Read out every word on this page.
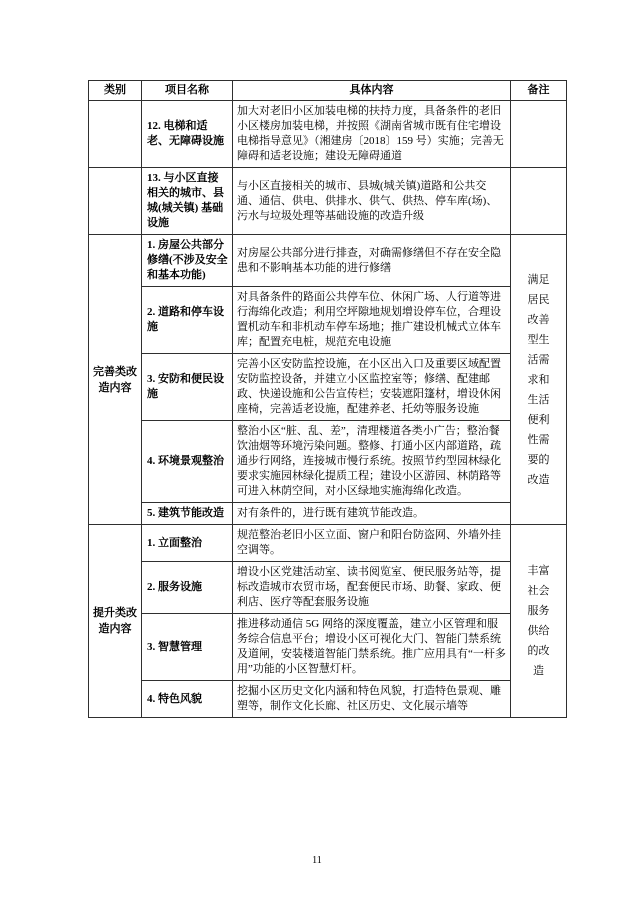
类别	项目名称	具体内容	备注
	12. 电梯和适老、无障碍设施	加大对老旧小区加装电梯的扶持力度，具备条件的老旧小区楼房加装电梯，并按照《湖南省城市既有住宅增设电梯指导意见》（湘建房〔2018〕159 号）实施；完善无障碍和适老设施；建设无障碍通道	
	13. 与小区直接相关的城市、县城(城关镇) 基础设施	与小区直接相关的城市、县城(城关镇)道路和公共交通、通信、供电、供排水、供气、供热、停车库(场)、污水与垃圾处理等基础设施的改造升级	

完善类改造内容	1. 房屋公共部分修缮(不涉及安全和基本功能)	对房屋公共部分进行排查，对确需修缮但不存在安全隐患和不影响基本功能的进行修缮	满足居民改善型生活需求和生活便利性需要的改造

	2. 道路和停车设施	对具备条件的路面公共停车位、休闲广场、人行道等进行海绵化改造；利用空坪隙地规划增设停车位，合理设置机动车和非机动车停车场地；推广建设机械式立体车库；配置充电桩，规范充电设施	
	3. 安防和便民设施	完善小区安防监控设施，在小区出入口及重要区域配置安防监控设备，并建立小区监控室等；修缮、配建邮政、快递设施和公告宣传栏；安装遮阳篷材，增设休闲座椅，完善适老设施，配建养老、托幼等服务设施	
	4. 环境景观整治	整治小区“脏、乱、差”，清理楼道各类小广告；整治餐饮油烟等环境污染问题。整修、打通小区内部道路，疏通步行网络，连接城市慢行系统。按照节约型园林绿化要求实施园林绿化提质工程；建设小区游园、林荫路等可进入林荫空间，对小区绿地实施海绵化改造。	
	5. 建筑节能改造	对有条件的，进行既有建筑节能改造。	

提升类改造内容	1. 立面整治	规范整治老旧小区立面、窗户和阳台防盗网、外墙外挂空调等。	丰富社会服务供给的改造

	2. 服务设施	增设小区党建活动室、读书阅览室、便民服务站等，提标改造城市农贸市场，配套便民市场、助餐、家政、便利店、医疗等配套服务设施	
	3. 智慧管理	推进移动通信 5G 网络的深度覆盖，建立小区管理和服务综合信息平台；增设小区可视化大门、智能门禁系统及道闸，安装楼道智能门禁系统。推广应用具有“一杆多用”功能的小区智慧灯杆。	
	4. 特色风貌	挖掘小区历史文化内涵和特色风貌，打造特色景观、雕塑等，制作文化长廊、社区历史、文化展示墙等	
11
